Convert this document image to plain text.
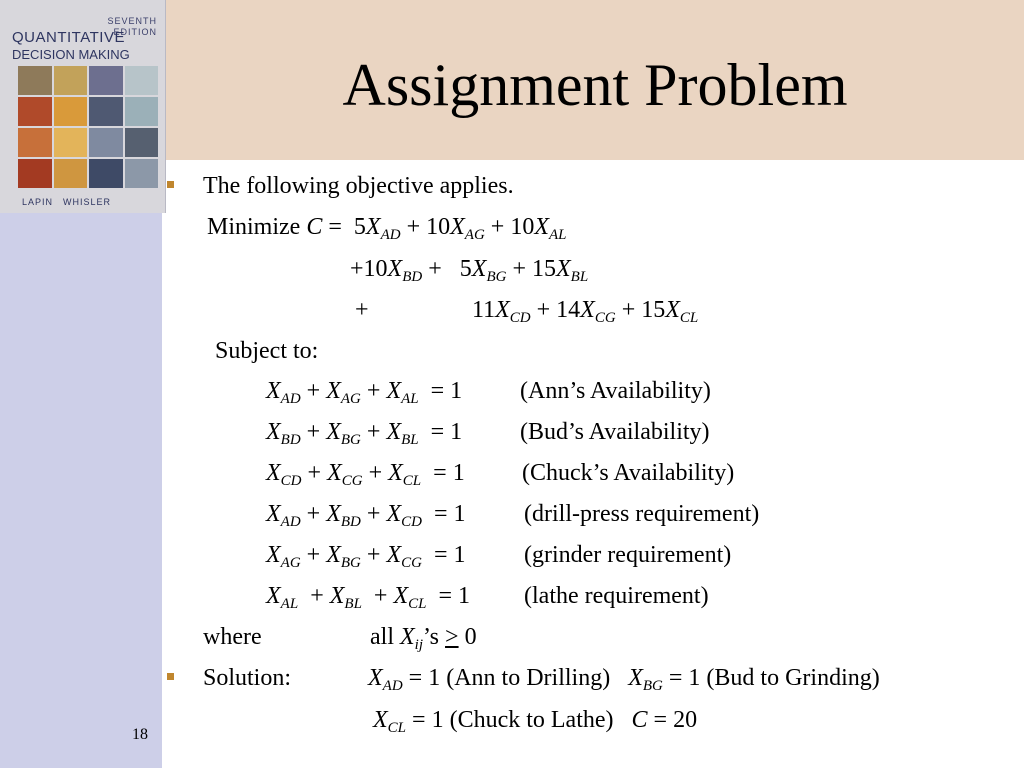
SEVENTH EDITION
QUANTITATIVE
DECISION MAKING
LAPIN WHISLER
Assignment Problem
The following objective applies.
Minimize $C = 5X_{AD} + 10X_{AG} + 10X_{AL}$
$+10X_{BD} + 5X_{BG} + 15X_{BL}$
+	$11X_{CD} + 14X_{CG} + 15X_{CL}$
Subject to:
$X_{AD} + X_{AG} + X_{AL} = 1$ (Ann’s Availability)
$X_{BD} + X_{BG} + X_{BL} = 1$ (Bud’s Availability)
$X_{CD} + X_{CG} + X_{CL} = 1$ (Chuck’s Availability)
$X_{AD} + X_{BD} + X_{CD} = 1$ (drill-press requirement)
$X_{AG} + X_{BG} + X_{CG} = 1$ (grinder requirement)
$X_{AL} + X_{BL} + X_{CL} = 1$ (lathe requirement)
where	all $X_{ij}’s > 0$
Solution:	$X_{AD} = 1$ (Ann to Drilling) $X_{BG} = 1$ (Bud to Grinding)
$X_{CL} = 1$ (Chuck to Lathe) C = 20
18
